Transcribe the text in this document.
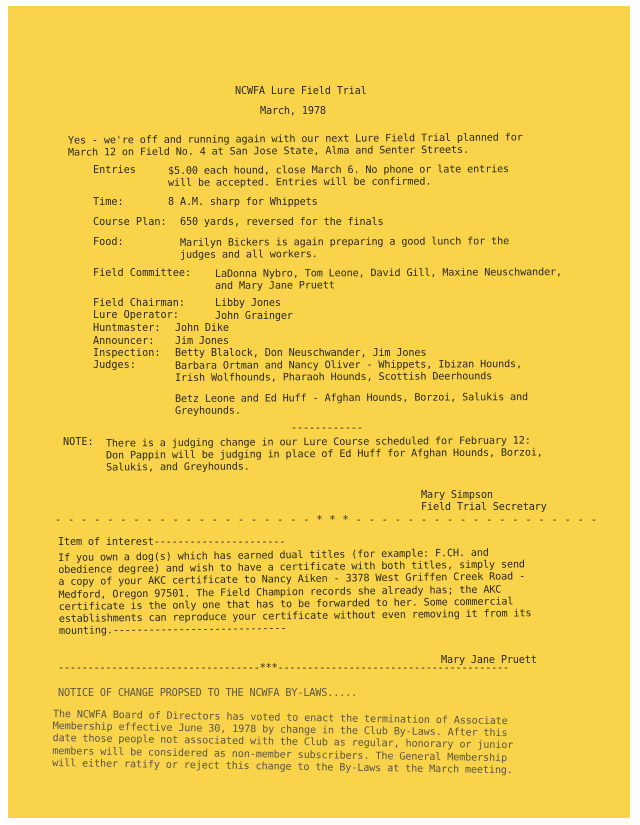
NCWFA Lure Field Trial
March, 1978
Yes - we're off and running again with our next Lure Field Trial planned for
March 12 on Field No. 4 at San Jose State, Alma and Senter Streets.
Entries	$5.00 each hound, close March 6. No phone or late entries
will be accepted. Entries will be confirmed.
Time:	8 A.M. sharp for Whippets
Course Plan: 650 yards, reversed for the finals
Food:	Marilyn Bickers is again preparing a good lunch for the
judges and all workers.
Field Committee: LaDonna Nybro, Tom Leone, David Gill, Maxine Neuschwander,
and Mary Jane Pruett
Field Chairman:	Libby Jones
Lure Operator:	John Grainger
Huntmaster: John Dike
Announcer: Jim Jones
Inspection: Betty Blalock, Don Neuschwander, Jim Jones
Judges:	Barbara Ortman and Nancy Oliver - Whippets, Ibizan Hounds,
Irish Wolfhounds, Pharaoh Hounds, Scottish Deerhounds
Betz Leone and Ed Huff - Afghan Hounds, Borzoi, Salukis and
Greyhounds.
------------
NOTE: There is a judging change in our Lure Course scheduled for February 12:
Don Pappin will be judging in place of Ed Huff for Afghan Hounds, Borzoi,
Salukis, and Greyhounds.
Mary Simpson
Field Trial Secretary
- - - - - - - - - - - - - - - - - - - - * * * - - - - - - - - - - - - - - - - - - -
Item of interest----------------------
If you own a dog(s) which has earned dual titles (for example: F.CH. and
obedience degree) and wish to have a certificate with both titles, simply send
a copy of your AKC certificate to Nancy Aiken - 3378 West Griffen Creek Road -
Medford, Oregon 97501. The Field Champion records she already has; the AKC
certificate is the only one that has to be forwarded to her. Some commercial
establishments can reproduce your certificate without even removing it from its
mounting.-----------------------------
Mary Jane Pruett
----------------------------------***---------------------------------------
NOTICE OF CHANGE PROPSED TO THE NCWFA BY-LAWS.....
The NCWFA Board of Directors has voted to enact the termination of Associate
Membership effective June 30, 1978 by change in the Club By-Laws. After this
date those people not associated with the Club as regular, honorary or junior
members will be considered as non-member subscribers. The General Membership
will either ratify or reject this change to the By-Laws at the March meeting.
